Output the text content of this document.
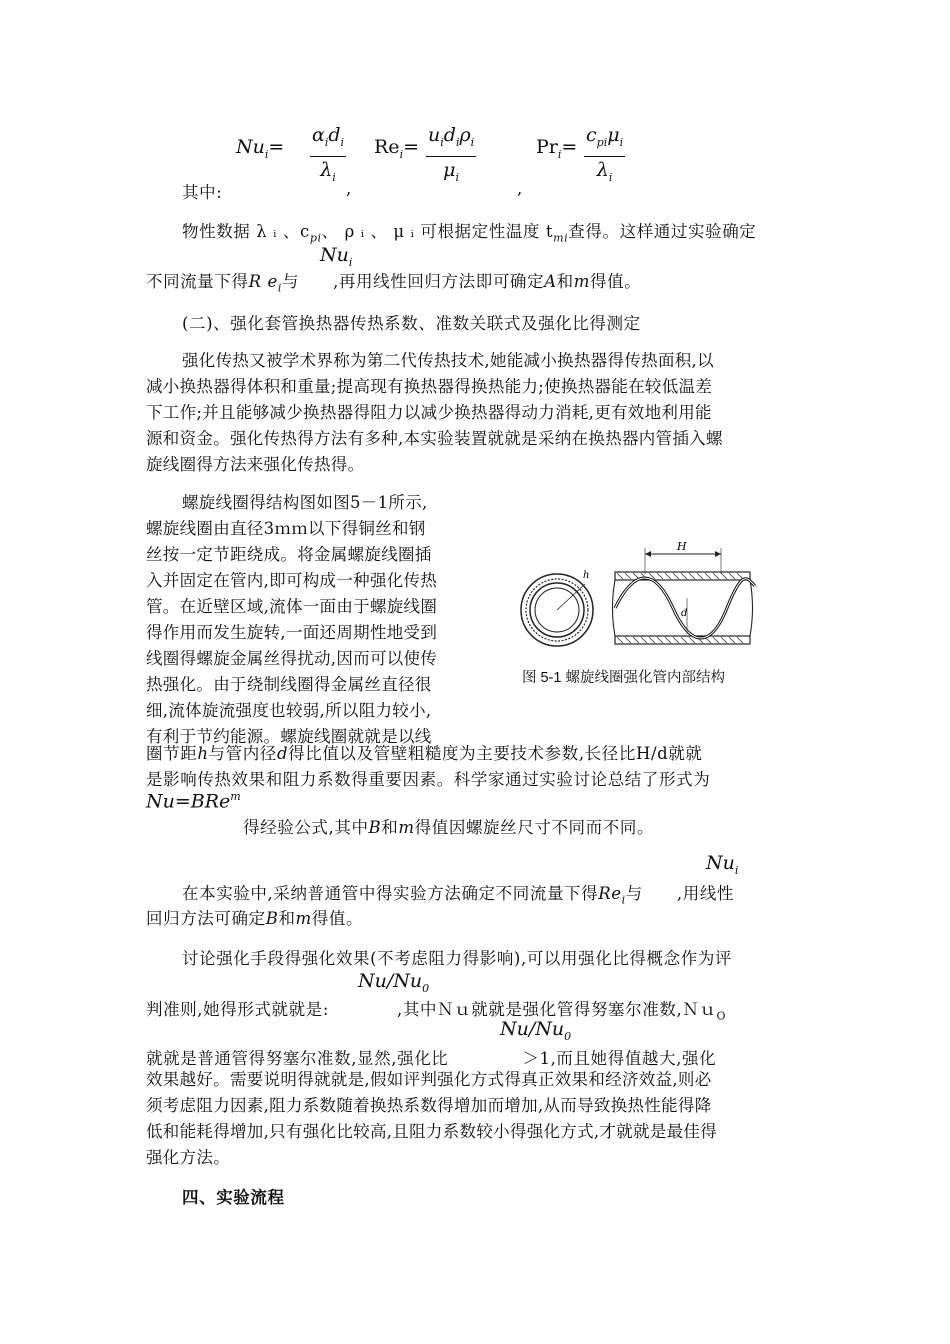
$Nu_i=$
$\alpha_id_i$
$\lambda_i$
$Re_i=$
$u_id_i\rho_i$
$\mu_i$
$Pr_i=$
$c_{pi}\mu_i$
$\lambda_i$
其中:	,	,
物性数据 λ ᵢ 、$c_{pi}$、 ρ ᵢ 、 μ ᵢ 可根据定性温度 $t_{mi}$查得。这样通过实验确定
$Nu_i$
不同流量下得R $e_i$与 ,再用线性回归方法即可确定A和m得值。
(二)、强化套管换热器传热系数、准数关联式及强化比得测定
强化传热又被学术界称为第二代传热技术,她能减小换热器得传热面积,以
减小换热器得体积和重量;提高现有换热器得换热能力;使换热器能在较低温差
下工作;并且能够减少换热器得阻力以减少换热器得动力消耗,更有效地利用能
源和资金。强化传热得方法有多种,本实验装置就就是采纳在换热器内管插入螺
旋线圈得方法来强化传热得。
螺旋线圈得结构图如图5－1所示,
螺旋线圈由直径3ｍｍ以下得铜丝和钢
丝按一定节距绕成。将金属螺旋线圈插
入并固定在管内,即可构成一种强化传热
管。在近壁区域,流体一面由于螺旋线圈
得作用而发生旋转,一面还周期性地受到
线圈得螺旋金属丝得扰动,因而可以使传
热强化。由于绕制线圈得金属丝直径很
细,流体旋流强度也较弱,所以阻力较小,
有利于节约能源。螺旋线圈就就是以线
h
H
d
图 5-1 螺旋线圈强化管内部结构
圈节距h与管内径d得比值以及管壁粗糙度为主要技术参数,长径比H/d就就
是影响传热效果和阻力系数得重要因素。科学家通过实验讨论总结了形式为
Nu=BRe$^m$
得经验公式,其中B和m得值因螺旋丝尺寸不同而不同。
$Nu_i$
在本实验中,采纳普通管中得实验方法确定不同流量下得$Re_i$与 ,用线性
回归方法可确定B和m得值。
讨论强化手段得强化效果(不考虑阻力得影响),可以用强化比得概念作为评
$Nu/Nu_0$
判准则,她得形式就就是:	,其中Ｎｕ就就是强化管得努塞尔准数,Ｎｕ$_O$
$Nu/Nu_0$
就就是普通管得努塞尔准数,显然,强化比	＞1,而且她得值越大,强化
效果越好。需要说明得就就是,假如评判强化方式得真正效果和经济效益,则必
须考虑阻力因素,阻力系数随着换热系数得增加而增加,从而导致换热性能得降
低和能耗得增加,只有强化比较高,且阻力系数较小得强化方式,才就就是最佳得
强化方法。
四、实验流程
